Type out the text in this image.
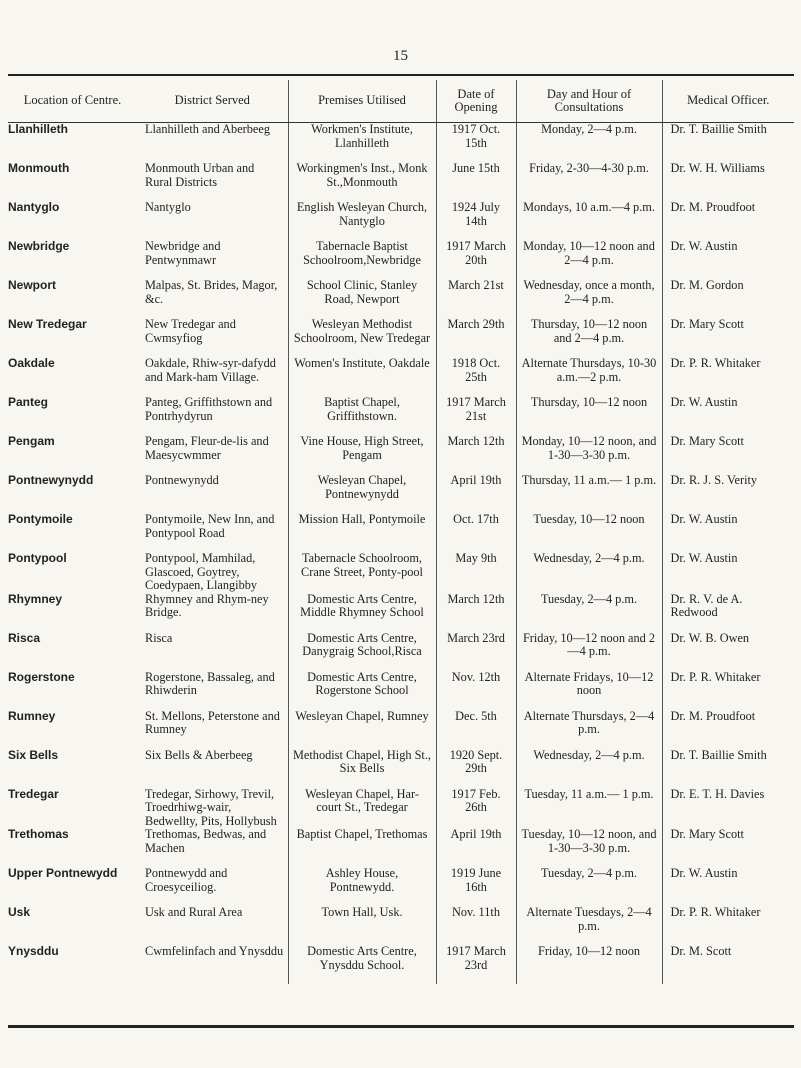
15
Location of Centre.	District Served	Premises Utilised	Date of Opening	Day and Hour of Consultations	Medical Officer.
Llanhilleth	Llanhilleth and Aberbeeg	Workmen's Institute, Llanhilleth	1917 Oct. 15th	Monday, 2—4 p.m.	Dr. T. Baillie Smith
Monmouth	Monmouth Urban and Rural Districts	Workingmen's Inst., Monk St.,Monmouth	June 15th	Friday, 2-30—4-30 p.m.	Dr. W. H. Williams
Nantyglo	Nantyglo	English Wesleyan Church, Nantyglo	1924 July 14th	Mondays, 10 a.m.—4 p.m.	Dr. M. Proudfoot
Newbridge	Newbridge and Pentwynmawr	Tabernacle Baptist Schoolroom,Newbridge	1917 March 20th	Monday, 10—12 noon and 2—4 p.m.	Dr. W. Austin
Newport	Malpas, St. Brides, Magor, &c.	School Clinic, Stanley Road, Newport	March 21st	Wednesday, once a month, 2—4 p.m.	Dr. M. Gordon
New Tredegar	New Tredegar and Cwmsyfiog	Wesleyan Methodist Schoolroom, New Tredegar	March 29th	Thursday, 10—12 noon and 2—4 p.m.	Dr. Mary Scott
Oakdale	Oakdale, Rhiw-syr-dafydd and Mark-ham Village.	Women's Institute, Oakdale	1918 Oct. 25th	Alternate Thursdays, 10-30 a.m.—2 p.m.	Dr. P. R. Whitaker
Panteg	Panteg, Griffithstown and Pontrhydyrun	Baptist Chapel, Griffithstown.	1917 March 21st	Thursday, 10—12 noon	Dr. W. Austin
Pengam	Pengam, Fleur-de-lis and Maesycwmmer	Vine House, High Street, Pengam	March 12th	Monday, 10—12 noon, and 1-30—3-30 p.m.	Dr. Mary Scott
Pontnewynydd	Pontnewynydd	Wesleyan Chapel, Pontnewynydd	April 19th	Thursday, 11 a.m.— 1 p.m.	Dr. R. J. S. Verity
Pontymoile	Pontymoile, New Inn, and Pontypool Road	Mission Hall, Pontymoile	Oct. 17th	Tuesday, 10—12 noon	Dr. W. Austin
Pontypool	Pontypool, Mamhilad, Glascoed, Goytrey, Coedypaen, Llangibby	Tabernacle Schoolroom, Crane Street, Ponty-pool	May 9th	Wednesday, 2—4 p.m.	Dr. W. Austin
Rhymney	Rhymney and Rhym-ney Bridge.	Domestic Arts Centre, Middle Rhymney School	March 12th	Tuesday, 2—4 p.m.	Dr. R. V. de A. Redwood
Risca	Risca	Domestic Arts Centre, Danygraig School,Risca	March 23rd	Friday, 10—12 noon and 2—4 p.m.	Dr. W. B. Owen
Rogerstone	Rogerstone, Bassaleg, and Rhiwderin	Domestic Arts Centre, Rogerstone School	Nov. 12th	Alternate Fridays, 10—12 noon	Dr. P. R. Whitaker
Rumney	St. Mellons, Peterstone and Rumney	Wesleyan Chapel, Rumney	Dec. 5th	Alternate Thursdays, 2—4 p.m.	Dr. M. Proudfoot
Six Bells	Six Bells & Aberbeeg	Methodist Chapel, High St., Six Bells	1920 Sept. 29th	Wednesday, 2—4 p.m.	Dr. T. Baillie Smith
Tredegar	Tredegar, Sirhowy, Trevil, Troedrhiwg-wair, Bedwellty, Pits, Hollybush	Wesleyan Chapel, Har-court St., Tredegar	1917 Feb. 26th	Tuesday, 11 a.m.— 1 p.m.	Dr. E. T. H. Davies
Trethomas	Trethomas, Bedwas, and Machen	Baptist Chapel, Trethomas	April 19th	Tuesday, 10—12 noon, and 1-30—3-30 p.m.	Dr. Mary Scott
Upper Pontnewydd	Pontnewydd and Croesyceiliog.	Ashley House, Pontnewydd.	1919 June 16th	Tuesday, 2—4 p.m.	Dr. W. Austin
Usk	Usk and Rural Area	Town Hall, Usk.	Nov. 11th	Alternate Tuesdays, 2—4 p.m.	Dr. P. R. Whitaker
Ynysddu	Cwmfelinfach and Ynysddu	Domestic Arts Centre, Ynysddu School.	1917 March 23rd	Friday, 10—12 noon	Dr. M. Scott
